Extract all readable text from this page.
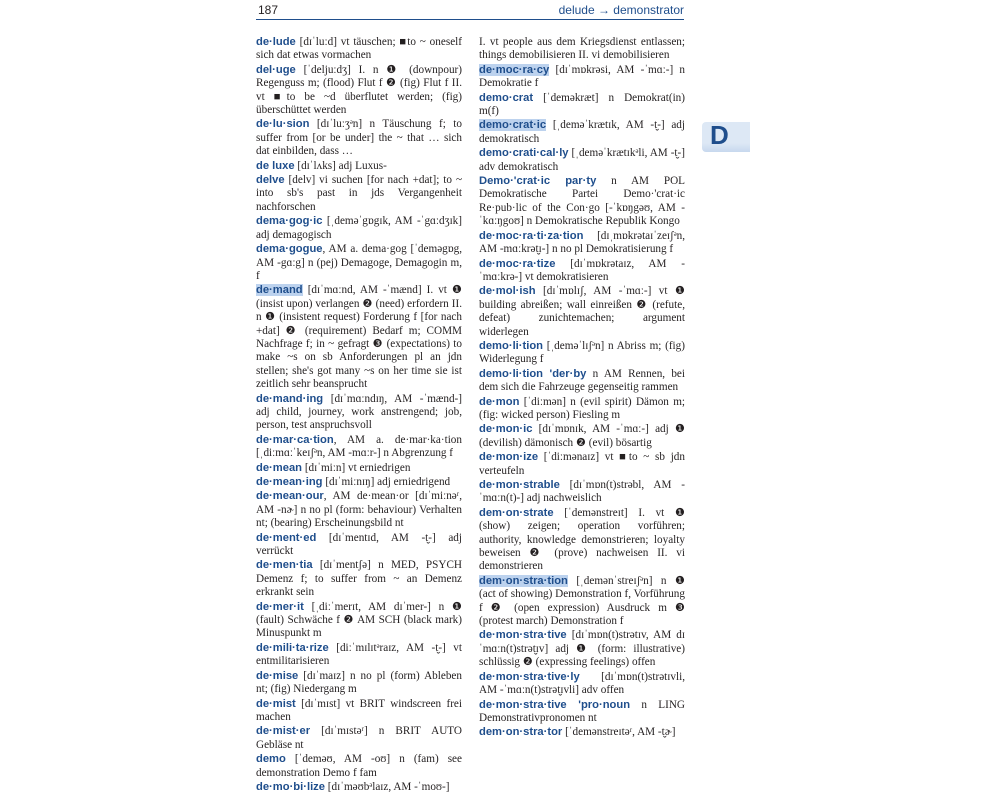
187	delude → demonstrator
de·lude [dɪˈluːd] vt täuschen; ■to ~ oneself sich dat etwas vormachen
del·uge [ˈdeljuːdʒ] I. n ❶ (downpour) Regenguss m; (flood) Flut f ❷ (fig) Flut f II. vt ■to be ~d überflutet werden; (fig) überschüttet werden
de·lu·sion [dɪˈluːʒᵊn] n Täuschung f; to suffer from [or be under] the ~ that … sich dat einbilden, dass …
de luxe [dɪˈlʌks] adj Luxus-
delve [delv] vi suchen [for nach +dat]; to ~ into sb's past in jds Vergangenheit nachforschen
dema·gog·ic [ˌdeməˈgɒgɪk, AM -ˈgɑːdʒɪk] adj demagogisch
dema·gogue, AM a. dema·gog [ˈdeməgɒg, AM -gɑːg] n (pej) Demagoge, Demagogin m, f
de·mand [dɪˈmɑːnd, AM -ˈmænd] I. vt ❶ (insist upon) verlangen ❷ (need) erfordern II. n ❶ (insistent request) Forderung f [for nach +dat] ❷ (requirement) Bedarf m; COMM Nachfrage f; in ~ gefragt ❸ (expectations) to make ~s on sb Anforderungen pl an jdn stellen; she's got many ~s on her time sie ist zeitlich sehr beansprucht
de·mand·ing [dɪˈmɑːndɪŋ, AM -ˈmænd-] adj child, journey, work anstrengend; job, person, test anspruchsvoll
de·mar·ca·tion, AM a. de·mar·ka·tion [ˌdiːmɑːˈkeɪʃᵊn, AM -mɑːr-] n Abgrenzung f
de·mean [dɪˈmiːn] vt erniedrigen
de·mean·ing [dɪˈmiːnɪŋ] adj erniedrigend
de·mean·our, AM de·mean·or [dɪˈmiːnəʳ, AM -nɚ] n no pl (form: behaviour) Verhalten nt; (bearing) Erscheinungsbild nt
de·ment·ed [dɪˈmentɪd, AM -t̬-] adj verrückt
de·men·tia [dɪˈmentʃə] n MED, PSYCH Demenz f; to suffer from ~ an Demenz erkrankt sein
de·mer·it [ˌdiːˈmerɪt, AM dɪˈmer-] n ❶ (fault) Schwäche f ❷ AM SCH (black mark) Minuspunkt m
de·mili·ta·rize [diːˈmɪlɪtᵊraɪz, AM -t̬-] vt entmilitarisieren
de·mise [dɪˈmaɪz] n no pl (form) Ableben nt; (fig) Niedergang m
de·mist [dɪˈmɪst] vt BRIT windscreen frei machen
de·mist·er [dɪˈmɪstəʳ] n BRIT AUTO Gebläse nt
demo [ˈdeməʊ, AM -oʊ] n (fam) see demonstration Demo f fam
de·mo·bi·lize [dɪˈməʊbᵊlaɪz, AM -ˈmoʊ-]
I. vt people aus dem Kriegsdienst entlassen; things demobilisieren II. vi demobilisieren
de·moc·ra·cy [dɪˈmɒkrəsi, AM -ˈmɑː-] n Demokratie f
demo·crat [ˈdeməkræt] n Demokrat(in) m(f)
demo·crat·ic [ˌdeməˈkrætɪk, AM -t̬-] adj demokratisch
demo·crati·cal·ly [ˌdeməˈkrætɪkᵊli, AM -t̬-] adv demokratisch
Demo·'crat·ic par·ty n AM POL Demokratische Partei Demo·'crat·ic Re·pub·lic of the Con·go [-ˈkɒŋgəʊ, AM -ˈkɑːŋgoʊ] n Demokratische Republik Kongo
de·moc·ra·ti·za·tion [dɪˌmɒkrətaɪˈzeɪʃᵊn, AM -mɑːkrət̬ɪ-] n no pl Demokratisierung f
de·moc·ra·tize [dɪˈmɒkrətaɪz, AM -ˈmɑːkrə-] vt demokratisieren
de·mol·ish [dɪˈmɒlɪʃ, AM -ˈmɑː-] vt ❶ building abreißen; wall einreißen ❷ (refute, defeat) zunichtemachen; argument widerlegen
demo·li·tion [ˌdeməˈlɪʃᵊn] n Abriss m; (fig) Widerlegung f
demo·li·tion 'der·by n AM Rennen, bei dem sich die Fahrzeuge gegenseitig rammen
de·mon [ˈdiːmən] n (evil spirit) Dämon m; (fig: wicked person) Fiesling m
de·mon·ic [dɪˈmɒnɪk, AM -ˈmɑː-] adj ❶ (devilish) dämonisch ❷ (evil) bösartig
de·mon·ize [ˈdiːmənaɪz] vt ■to ~ sb jdn verteufeln
de·mon·strable [dɪˈmɒn(t)strəbl, AM -ˈmɑːn(t)-] adj nachweislich
dem·on·strate [ˈdemənstreɪt] I. vt ❶ (show) zeigen; operation vorführen; authority, knowledge demonstrieren; loyalty beweisen ❷ (prove) nachweisen II. vi demonstrieren
dem·on·stra·tion [ˌdemənˈstreɪʃᵊn] n ❶ (act of showing) Demonstration f, Vorführung f ❷ (open expression) Ausdruck m ❸ (protest march) Demonstration f
de·mon·stra·tive [dɪˈmɒn(t)strətɪv, AM dɪˈmɑːn(t)strət̬ɪv] adj ❶ (form: illustrative) schlüssig ❷ (expressing feelings) offen
de·mon·stra·tive·ly [dɪˈmɒn(t)strətɪvli, AM -ˈmɑːn(t)strət̬ɪvli] adv offen
de·mon·stra·tive 'pro·noun n LING Demonstrativpronomen nt
dem·on·stra·tor [ˈdemənstreɪtəʳ, AM -t̬ɚ]
D
